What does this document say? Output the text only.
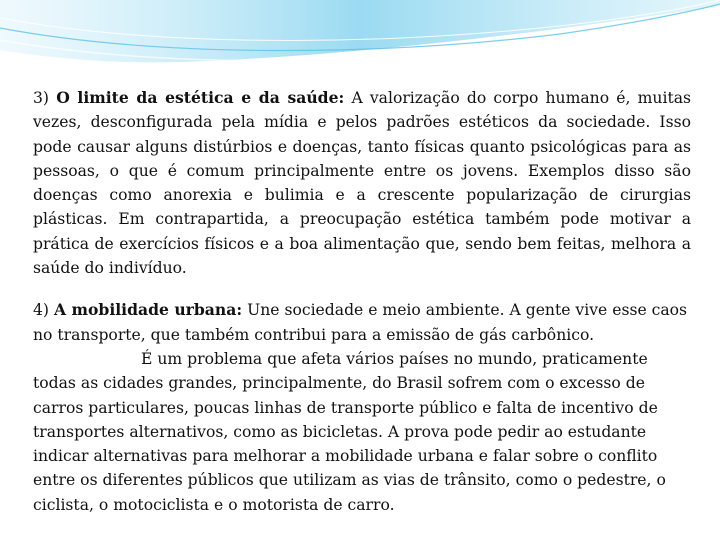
3) O limite da estética e da saúde: A valorização do corpo humano é, muitas vezes, desconfigurada pela mídia e pelos padrões estéticos da sociedade. Isso pode causar alguns distúrbios e doenças, tanto físicas quanto psicológicas para as pessoas, o que é comum principalmente entre os jovens. Exemplos disso são doenças como anorexia e bulimia e a crescente popularização de cirurgias plásticas. Em contrapartida, a preocupação estética também pode motivar a prática de exercícios físicos e a boa alimentação que, sendo bem feitas, melhora a saúde do indivíduo.

4) A mobilidade urbana: Une sociedade e meio ambiente. A gente vive esse caos no transporte, que também contribui para a emissão de gás carbônico.É um problema que afeta vários países no mundo, praticamente todas as cidades grandes, principalmente, do Brasil sofrem com o excesso de carros particulares, poucas linhas de transporte público e falta de incentivo de transportes alternativos, como as bicicletas. A prova pode pedir ao estudante indicar alternativas para melhorar a mobilidade urbana e falar sobre o conflito entre os diferentes públicos que utilizam as vias de trânsito, como o pedestre, o ciclista, o motociclista e o motorista de carro.
